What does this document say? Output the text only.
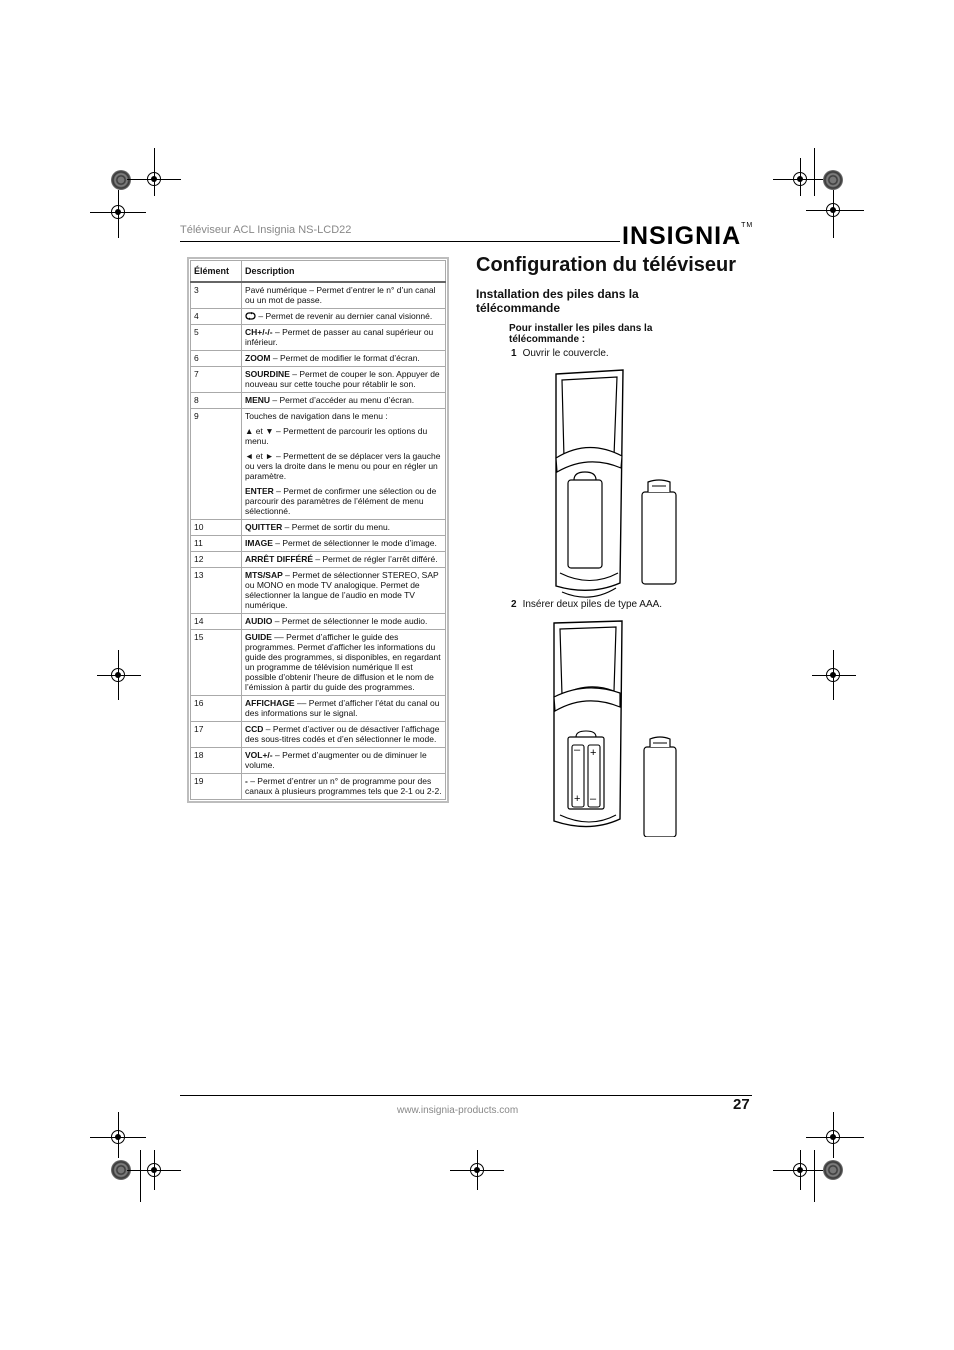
Téléviseur ACL Insignia NS-LCD22	INSIGNIA™
Élément	Description
3	Pavé numérique – Permet d’entrer le n° d’un canal ou un mot de passe.
4	– Permet de revenir au dernier canal visionné.
5	CH+/-/- – Permet de passer au canal supérieur ou inférieur.
6	ZOOM – Permet de modifier le format d’écran.
7	SOURDINE – Permet de couper le son. Appuyer de nouveau sur cette touche pour rétablir le son.
8	MENU – Permet d’accéder au menu d’écran.
9	Touches de navigation dans le menu :

▲ et ▼ – Permettent de parcourir les options du menu.

◄ et ► – Permettent de se déplacer vers la gauche ou vers la droite dans le menu ou pour en régler un paramètre.

ENTER – Permet de confirmer une sélection ou de parcourir des paramètres de l’élément de menu sélectionné.

10	QUITTER – Permet de sortir du menu.
11	IMAGE – Permet de sélectionner le mode d’image.
12	ARRÊT DIFFÉRÉ – Permet de régler l’arrêt différé.
13	MTS/SAP – Permet de sélectionner STEREO, SAP ou MONO en mode TV analogique. Permet de sélectionner la langue de l’audio en mode TV numérique.
14	AUDIO – Permet de sélectionner le mode audio.
15	GUIDE –– Permet d’afficher le guide des programmes. Permet d’afficher les informations du guide des programmes, si disponibles, en regardant un programme de télévision numérique Il est possible d’obtenir l’heure de diffusion et le nom de l’émission à partir du guide des programmes.
16	AFFICHAGE –– Permet d’afficher l’état du canal ou des informations sur le signal.
17	CCD – Permet d’activer ou de désactiver l’affichage des sous-titres codés et d’en sélectionner le mode.
18	VOL+/- – Permet d’augmenter ou de diminuer le volume.
19	- – Permet d’entrer un n° de programme pour des canaux à plusieurs programmes tels que 2-1 ou 2-2.
Configuration du téléviseur
Installation des piles dans la télécommande
Pour installer les piles dans la télécommande :
1 Ouvrir le couvercle.
2 Insérer deux piles de type AAA.
+
–
+ –
www.insignia-products.com	27
